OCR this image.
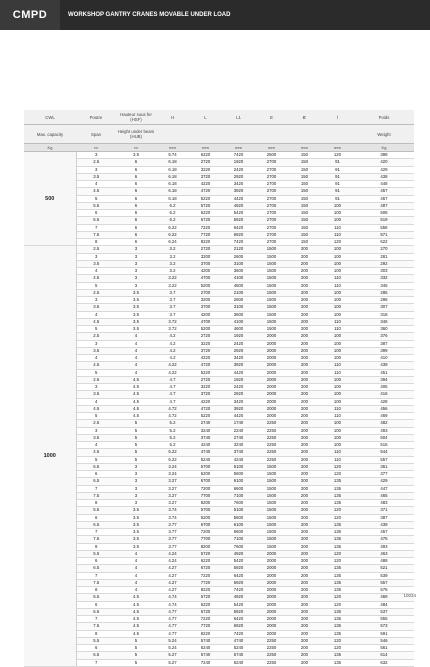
CMPD	WORKSHOP GANTRY CRANES MOVABLE UNDER LOAD
CWL	Poutre	Hauteur sous fer (HSF)	H	L	L1	E	B'	l	Poids
Max. capacity	Span	Height under beam (HUB)							Weight
Kg	m	m	mm	mm	mm	mm	mm	mm	Kg
500	3	3.5	5.74	6220	7420	2500	150	120	398
	2.5	6	6.18	2720	1920	2700	150	91	420
	3	6	6.18	3220	2420	2700	150	91	429
	3.5	6	6.18	3720	2920	2700	150	91	438
	4	6	6.18	4220	3420	2700	150	91	448
	4.5	6	6.18	4720	3920	2700	150	91	457
	5	6	6.18	5220	4420	2700	150	91	467
	5.5	6	6.2	5720	4920	2700	150	100	487
	6	6	6.2	6220	5420	2700	150	100	508
	6.5	6	6.2	6720	5920	2700	150	100	519
	7	6	6.22	7220	6420	2700	150	110	558
	7.5	6	6.22	7720	6920	2700	150	110	571
	8	6	6.24	8220	7420	2700	150	120	622
1000	2.5	3	3.2	2720	2120	1500	200	100	270
	3	3	3.2	3200	2600	1500	200	100	281
	3.5	3	3.2	3700	3100	1500	200	100	292
	4	3	3.2	4200	3600	1500	200	100	303
	4.5	3	3.22	4700	4100	1500	200	110	332
	5	3	3.22	5200	4600	1500	200	110	345
	2.5	3.5	3.7	2700	2100	1500	200	100	285
	3	3.5	3.7	3200	2600	1500	200	100	296
	3.5	3.5	3.7	3700	3100	1500	200	100	307
	4	3.5	3.7	4200	3600	1500	200	100	318
	4.5	3.5	3.72	4700	4100	1500	200	110	346
	5	3.5	3.72	5200	4600	1500	200	110	360
	2.5	4	4.2	2720	1920	2000	200	100	376
	3	4	4.2	3220	2420	2000	200	100	387
	3.5	4	4.2	3720	2920	2000	200	100	399
	4	4	4.2	4220	3420	2000	200	100	410
	4.5	4	4.22	4720	3920	2000	200	110	439
	5	4	4.22	5220	4420	2000	200	110	451
	2.5	4.5	4.7	2720	1920	2000	200	100	394
	3	4.5	4.7	3220	2420	2000	200	100	405
	3.5	4.5	4.7	3720	2920	2000	200	100	416
	4	4.5	4.7	4220	3420	2000	200	100	428
	4.5	4.5	4.72	4720	3920	2000	200	110	456
	5	4.5	4.72	5220	4420	2000	200	110	469
	2.5	5	5.2	2740	1740	2250	200	100	482
	3	5	5.2	3240	2240	2250	200	100	493
	3.5	5	5.2	3740	2740	2250	200	100	504
	4	5	5.2	4240	3240	2250	200	100	515
	4.5	5	5.22	4740	3740	2250	200	110	544
	5	5	5.22	5240	4240	2250	200	110	557
	5.5	3	3.24	5700	5100	1500	200	120	361
	6	3	3.24	6200	5600	1500	200	120	377
	6.5	3	3.27	6700	6100	1500	200	135	429
	7	3	3.27	7200	6600	1500	200	135	447
	7.5	3	3.27	7700	7100	1500	200	135	465
	8	3	3.27	8200	7600	1500	200	135	483
	5.5	3.5	3.74	5700	5100	1500	200	120	371
	6	3.5	3.74	6200	5600	1500	200	120	387
	6.5	3.5	3.77	6700	6100	1500	200	135	439
	7	3.5	3.77	7200	6600	1500	200	135	457
	7.5	3.5	3.77	7700	7100	1500	200	135	475
	8	3.5	3.77	8200	7600	1500	200	135	493
	5.5	4	4.24	5720	4920	2000	200	120	463
	6	4	4.24	6220	5420	2000	200	120	488
	6.5	4	4.27	6720	5920	2000	200	135	521
	7	4	4.27	7220	6420	2000	200	135	539
	7.5	4	4.27	7720	6920	2000	200	135	557
	8	4	4.27	8220	7420	2000	200	135	575
	5.5	4.5	4.74	5720	4920	2000	200	120	469
	6	4.5	4.74	6220	5420	2000	200	120	484
	6.5	4.5	4.77	6720	5920	2000	200	135	537
	7	4.5	4.77	7220	6420	2000	200	135	555
	7.5	4.5	4.77	7720	6920	2000	200	135	573
	8	4.5	4.77	8220	7420	2000	200	135	591
	5.5	5	5.24	5740	4740	2250	200	120	546
	6	5	5.24	6240	5240	2250	200	120	561
	6.5	5	5.27	6740	5740	2250	200	135	614
	7	5	5.27	7240	6240	2250	200	135	632
10034
